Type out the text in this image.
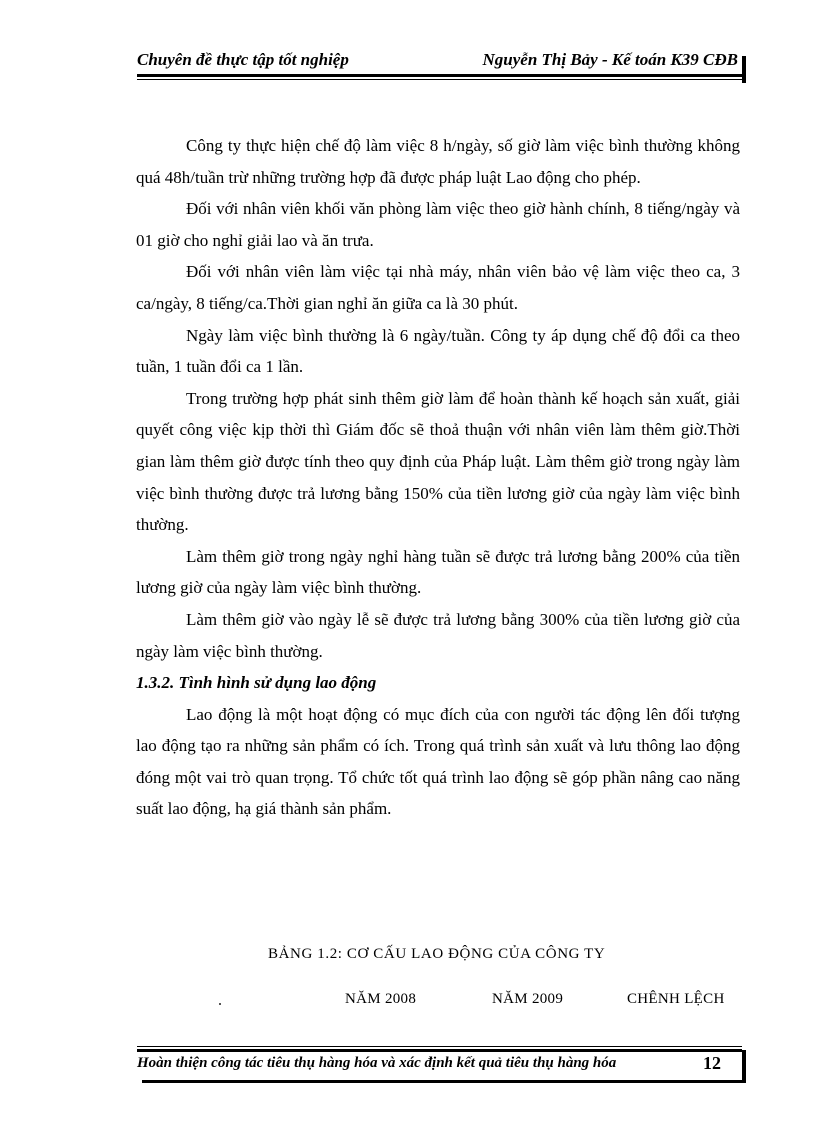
Chuyên đề thực tập tốt nghiệp	Nguyễn Thị Bảy - Kế toán K39 CĐB

Công ty thực hiện chế độ làm việc 8 h/ngày, số giờ làm việc bình thường không quá 48h/tuần trừ những trường hợp đã được pháp luật Lao động cho phép.

Đối với nhân viên khối văn phòng làm việc theo giờ hành chính, 8 tiếng/ngày và 01 giờ cho nghỉ giải lao và ăn trưa.

Đối với nhân viên làm việc tại nhà máy, nhân viên bảo vệ làm việc theo ca, 3 ca/ngày, 8 tiếng/ca.Thời gian nghỉ ăn giữa ca là 30 phút.

Ngày làm việc bình thường là 6 ngày/tuần. Công ty áp dụng chế độ đổi ca theo tuần, 1 tuần đổi ca 1 lần.

Trong trường hợp phát sinh thêm giờ làm để hoàn thành kế hoạch sản xuất, giải quyết công việc kịp thời thì Giám đốc sẽ thoả thuận với nhân viên làm thêm giờ.Thời gian làm thêm giờ được tính theo quy định của Pháp luật. Làm thêm giờ trong ngày làm việc bình thường được trả lương bằng 150% của tiền lương giờ của ngày làm việc bình thường.

Làm thêm giờ trong ngày nghỉ hàng tuần sẽ được trả lương bằng 200% của tiền lương giờ của ngày làm việc bình thường.

Làm thêm giờ vào ngày lễ sẽ được trả lương bằng 300% của tiền lương giờ của ngày làm việc bình thường.

1.3.2. Tình hình sử dụng lao động

Lao động là một hoạt động có mục đích của con người tác động lên đối tượng lao động tạo ra những sản phẩm có ích. Trong quá trình sản xuất và lưu thông lao động đóng một vai trò quan trọng. Tổ chức tốt quá trình lao động sẽ góp phần nâng cao năng suất lao động, hạ giá thành sản phẩm.

BẢNG 1.2: CƠ CẤU LAO ĐỘNG CỦA CÔNG TY
NĂM 2008	NĂM 2009	CHÊNH LỆCH
Hoàn thiện công tác tiêu thụ hàng hóa và xác định kết quả tiêu thụ hàng hóa	12
